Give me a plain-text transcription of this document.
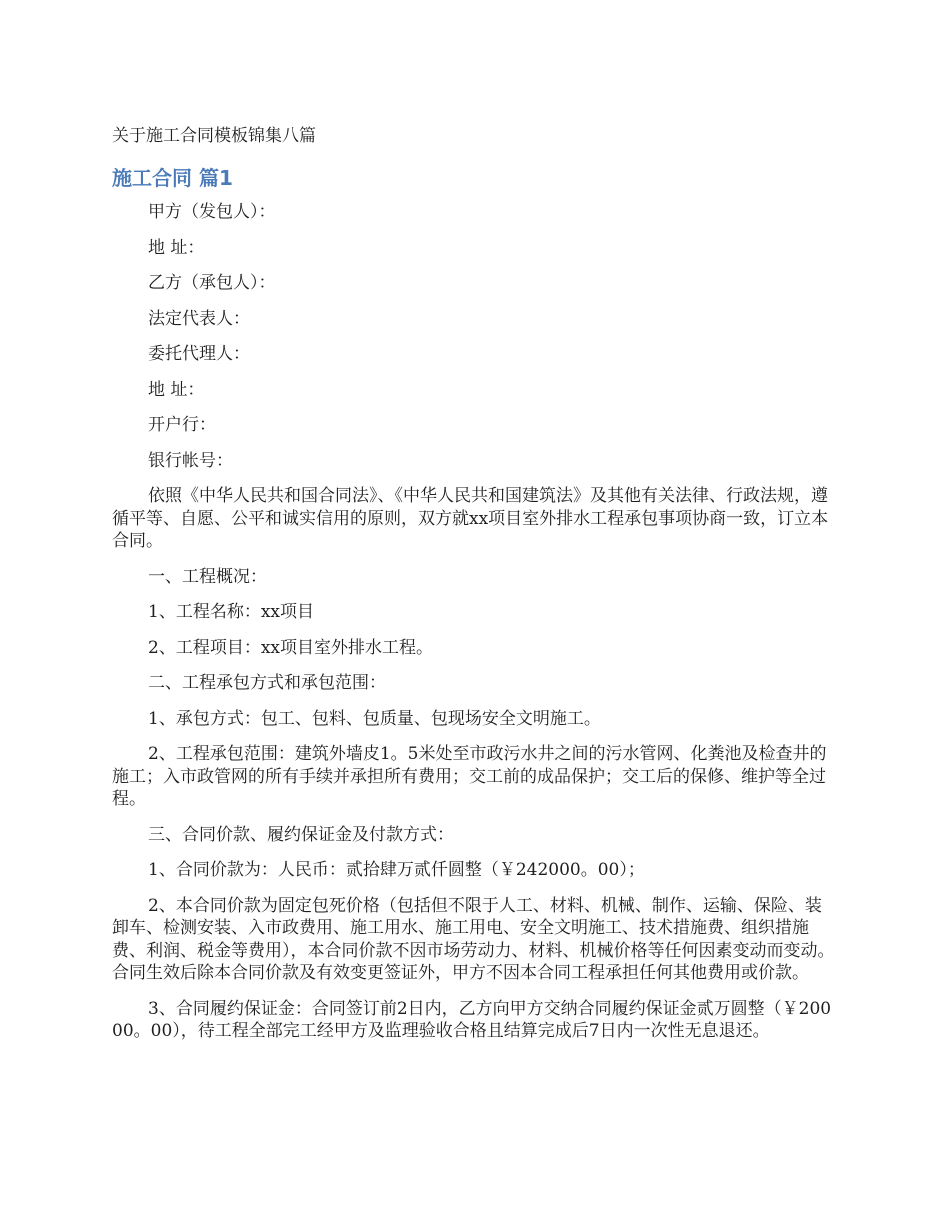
关于施工合同模板锦集八篇
施工合同 篇1

甲方（发包人）：

地 址：

乙方（承包人）：

法定代表人：

委托代理人：

地 址：

开户行：

银行帐号：

依照《中华人民共和国合同法》、《中华人民共和国建筑法》及其他有关法律、行政法规，遵循平等、自愿、公平和诚实信用的原则，双方就xx项目室外排水工程承包事项协商一致，订立本合同。

一、工程概况：

1、工程名称：xx项目

2、工程项目：xx项目室外排水工程。

二、工程承包方式和承包范围：

1、承包方式：包工、包料、包质量、包现场安全文明施工。

2、工程承包范围：建筑外墙皮1。5米处至市政污水井之间的污水管网、化粪池及检查井的施工；入市政管网的所有手续并承担所有费用；交工前的成品保护；交工后的保修、维护等全过程。

三、合同价款、履约保证金及付款方式：

1、合同价款为：人民币：贰拾肆万贰仟圆整（￥242000。00）；

2、本合同价款为固定包死价格（包括但不限于人工、材料、机械、制作、运输、保险、装卸车、检测安装、入市政费用、施工用水、施工用电、安全文明施工、技术措施费、组织措施费、利润、税金等费用），本合同价款不因市场劳动力、材料、机械价格等任何因素变动而变动。合同生效后除本合同价款及有效变更签证外，甲方不因本合同工程承担任何其他费用或价款。

3、合同履约保证金：合同签订前2日内，乙方向甲方交纳合同履约保证金贰万圆整（￥20000。00），待工程全部完工经甲方及监理验收合格且结算完成后7日内一次性无息退还。
